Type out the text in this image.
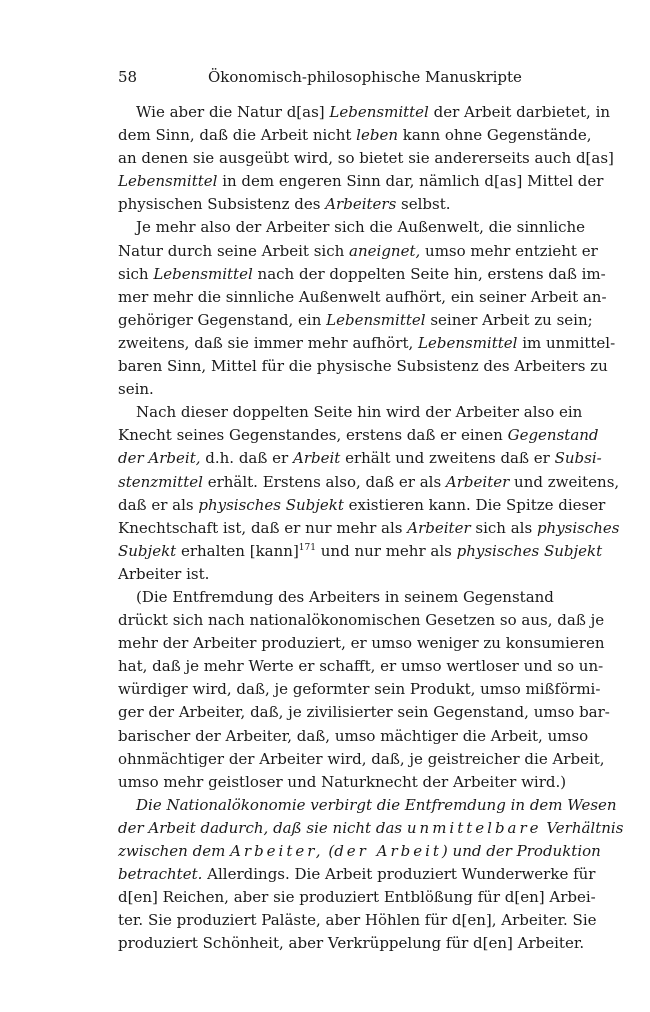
58	Ökonomisch-philosophische Manuskripte
Wie aber die Natur d[as] Lebensmittel der Arbeit darbietet, in
dem Sinn, daß die Arbeit nicht leben kann ohne Gegenstände,
an denen sie ausgeübt wird, so bietet sie andererseits auch d[as]
Lebensmittel in dem engeren Sinn dar, nämlich d[as] Mittel der
physischen Subsistenz des Arbeiters selbst.
Je mehr also der Arbeiter sich die Außenwelt, die sinnliche
Natur durch seine Arbeit sich aneignet, umso mehr entzieht er
sich Lebensmittel nach der doppelten Seite hin, erstens daß im-
mer mehr die sinnliche Außenwelt aufhört, ein seiner Arbeit an-
gehöriger Gegenstand, ein Lebensmittel seiner Arbeit zu sein;
zweitens, daß sie immer mehr aufhört, Lebensmittel im unmittel-
baren Sinn, Mittel für die physische Subsistenz des Arbeiters zu
sein.
Nach dieser doppelten Seite hin wird der Arbeiter also ein
Knecht seines Gegenstandes, erstens daß er einen Gegenstand
der Arbeit, d.h. daß er Arbeit erhält und zweitens daß er Subsi-
stenzmittel erhält. Erstens also, daß er als Arbeiter und zweitens,
daß er als physisches Subjekt existieren kann. Die Spitze dieser
Knechtschaft ist, daß er nur mehr als Arbeiter sich als physisches
Subjekt erhalten [kann]$^{171}$ und nur mehr als physisches Subjekt
Arbeiter ist.
(Die Entfremdung des Arbeiters in seinem Gegenstand
drückt sich nach nationalökonomischen Gesetzen so aus, daß je
mehr der Arbeiter produziert, er umso weniger zu konsumieren
hat, daß je mehr Werte er schafft, er umso wertloser und so un-
würdiger wird, daß, je geformter sein Produkt, umso mißförmi-
ger der Arbeiter, daß, je zivilisierter sein Gegenstand, umso bar-
barischer der Arbeiter, daß, umso mächtiger die Arbeit, umso
ohnmächtiger der Arbeiter wird, daß, je geistreicher die Arbeit,
umso mehr geistloser und Naturknecht der Arbeiter wird.)
Die Nationalökonomie verbirgt die Entfremdung in dem Wesen
der Arbeit dadurch, daß sie nicht das unmittelbare Verhältnis
zwischen dem Arbeiter, (der Arbeit) und der Produktion
betrachtet. Allerdings. Die Arbeit produziert Wunderwerke für
d[en] Reichen, aber sie produziert Entblößung für d[en] Arbei-
ter. Sie produziert Paläste, aber Höhlen für d[en], Arbeiter. Sie
produziert Schönheit, aber Verkrüppelung für d[en] Arbeiter.
